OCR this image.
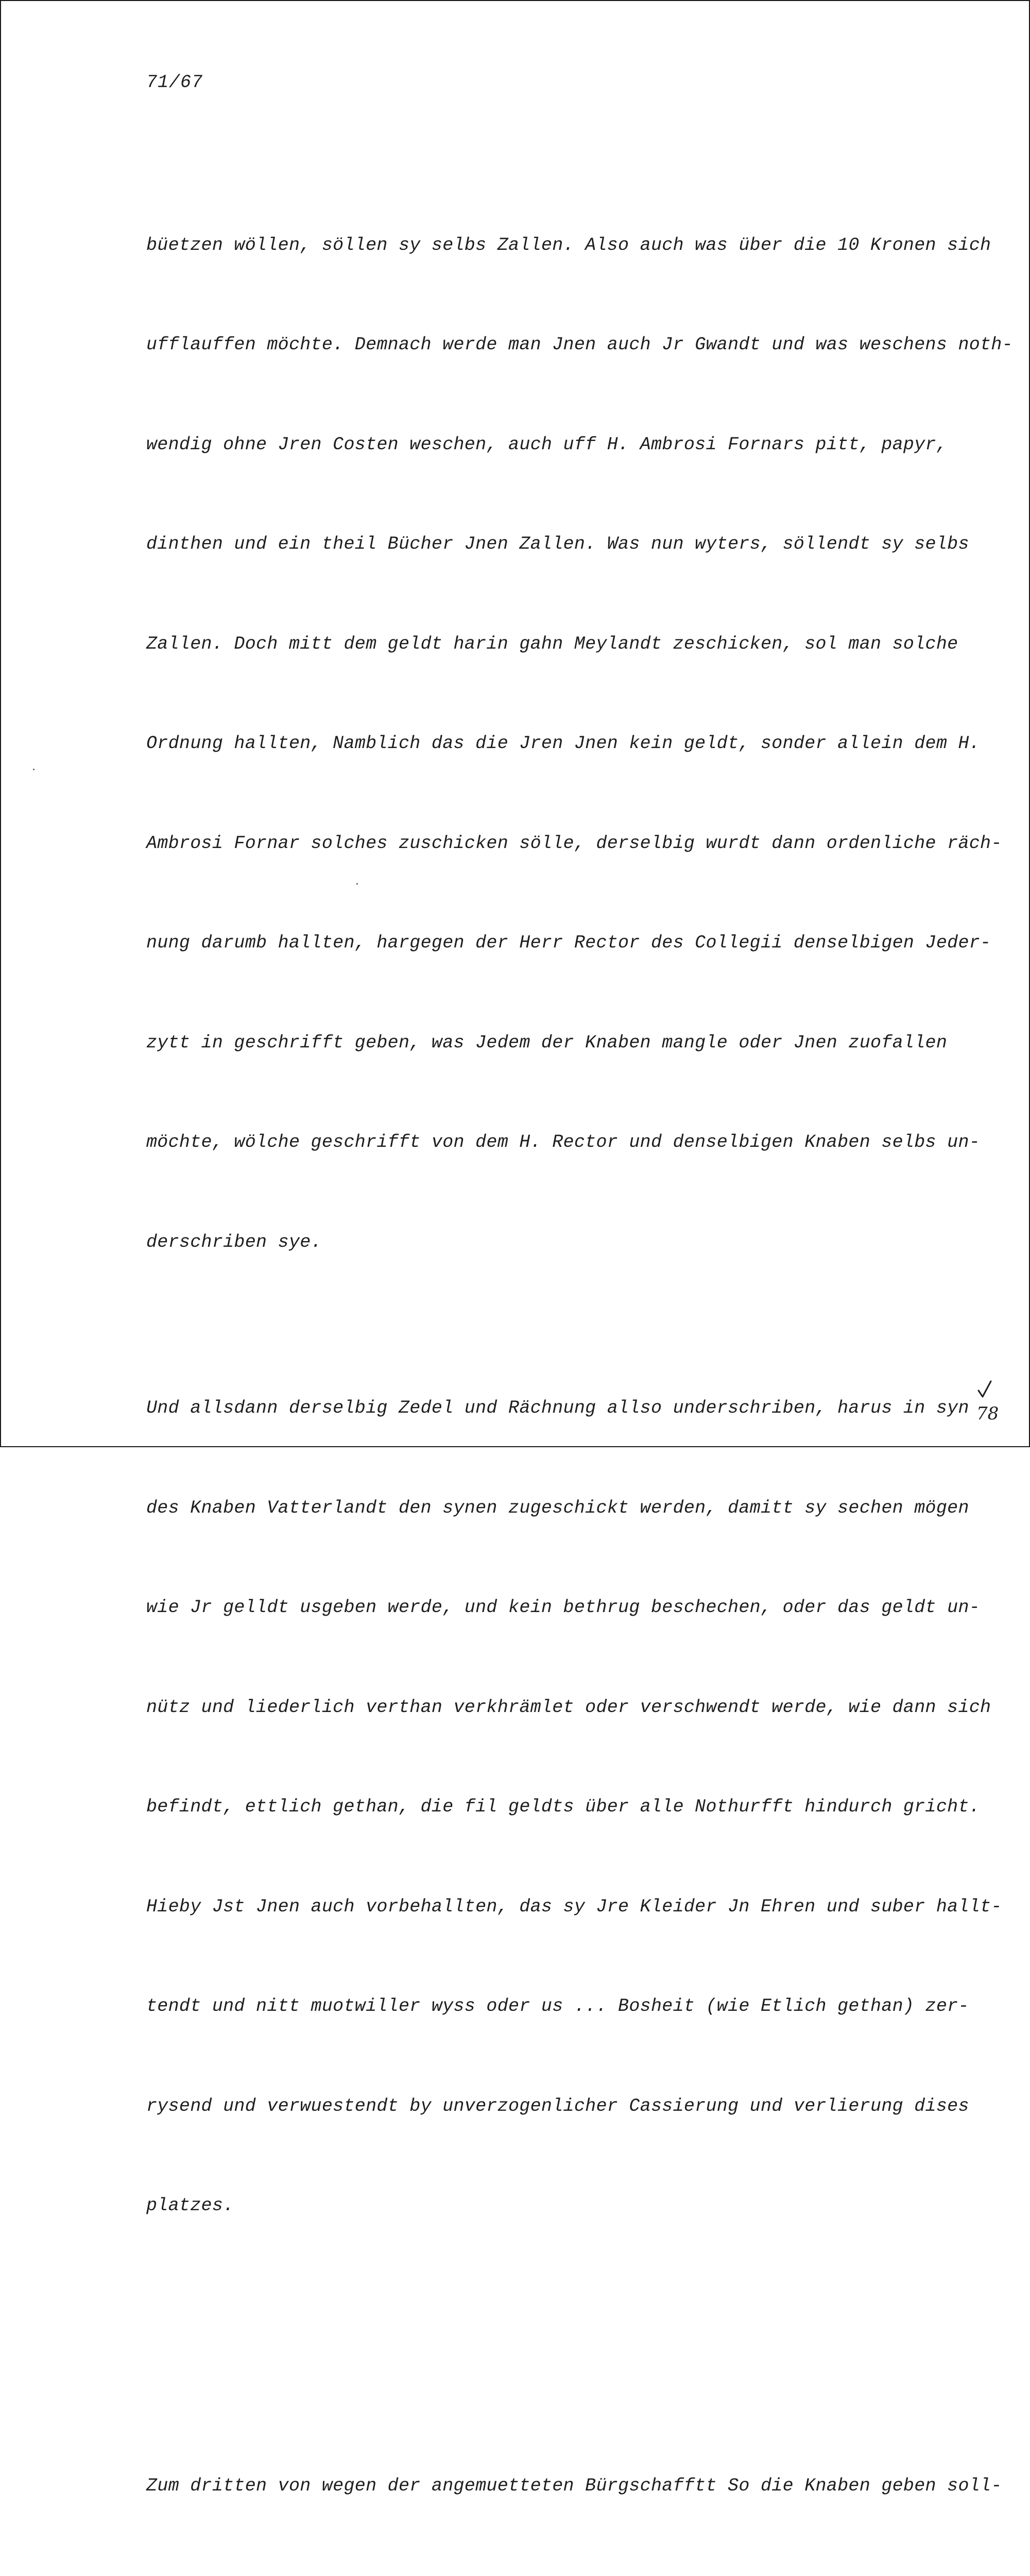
71/67

büetzen wöllen, söllen sy selbs Zallen. Also auch was über die 10 Kronen sich

ufflauffen möchte. Demnach werde man Jnen auch Jr Gwandt und was weschens noth-

wendig ohne Jren Costen weschen, auch uff H. Ambrosi Fornars pitt, papyr,

dinthen und ein theil Bücher Jnen Zallen. Was nun wyters, söllendt sy selbs

Zallen. Doch mitt dem geldt harin gahn Meylandt zeschicken, sol man solche

Ordnung hallten, Namblich das die Jren Jnen kein geldt, sonder allein dem H.

Ambrosi Fornar solches zuschicken sölle, derselbig wurdt dann ordenliche räch-

nung darumb hallten, hargegen der Herr Rector des Collegii denselbigen Jeder-

zytt in geschrifft geben, was Jedem der Knaben mangle oder Jnen zuofallen

möchte, wölche geschrifft von dem H. Rector und denselbigen Knaben selbs un-

derschriben sye.

Und allsdann derselbig Zedel und Rächnung allso underschriben, harus in syn

des Knaben Vatterlandt den synen zugeschickt werden, damitt sy sechen mögen

wie Jr gelldt usgeben werde, und kein bethrug beschechen, oder das geldt un-

nütz und liederlich verthan verkhrämlet oder verschwendt werde, wie dann sich

befindt, ettlich gethan, die fil geldts über alle Nothurfft hindurch gricht.

Hieby Jst Jnen auch vorbehallten, das sy Jre Kleider Jn Ehren und suber hallt-

tendt und nitt muotwiller wyss oder us ... Bosheit (wie Etlich gethan) zer-

rysend und verwuestendt by unverzogenlicher Cassierung und verlierung dises

platzes.

Zum dritten von wegen der angemuetteten Bürgschafftt So die Knaben geben soll-

78
